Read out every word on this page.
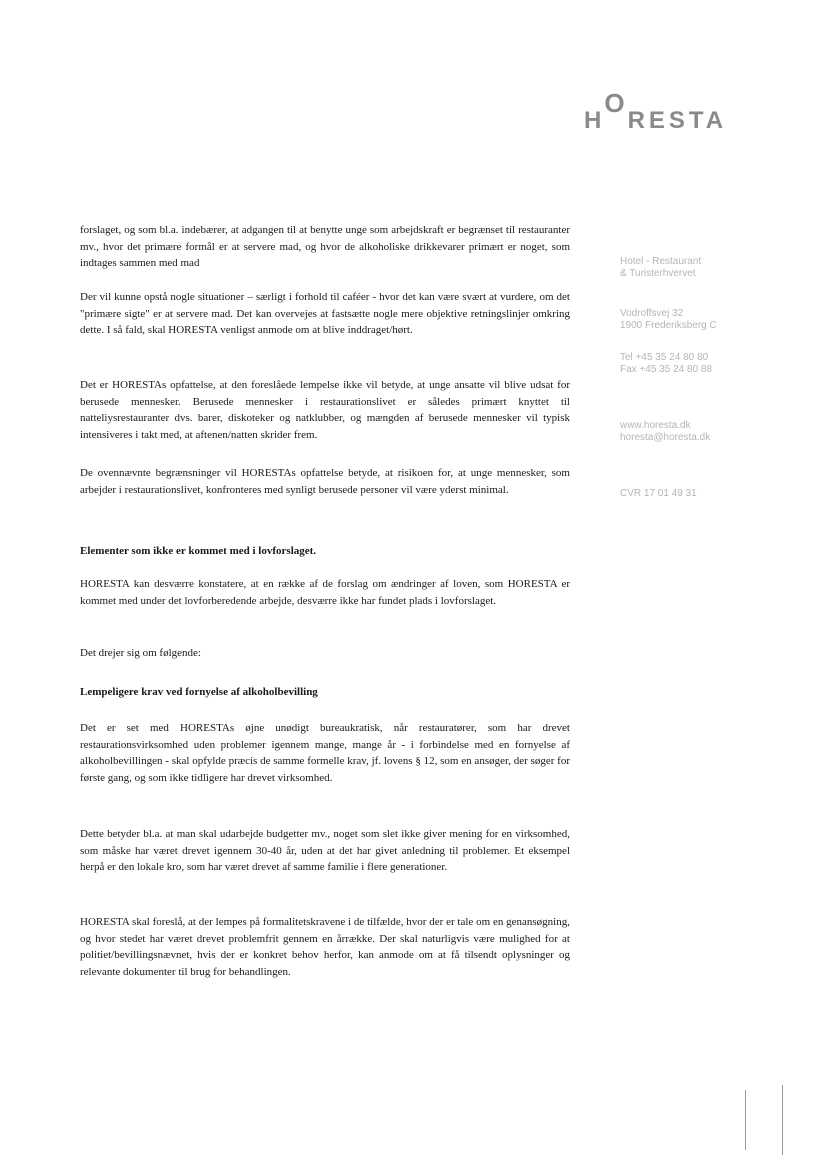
HORESTA
Hotel - Restaurant
& Turisterhvervet
Vodroffsvej 32
1900 Frederiksberg C
Tel +45 35 24 80 80
Fax +45 35 24 80 88
www.horesta.dk
horesta@horesta.dk
CVR 17 01 49 31

forslaget, og som bl.a. indebærer, at adgangen til at benytte unge som arbejdskraft er begrænset til restauranter mv., hvor det primære formål er at servere mad, og hvor de alkoholiske drikkevarer primært er noget, som indtages sammen med mad

Der vil kunne opstå nogle situationer – særligt i forhold til caféer - hvor det kan være svært at vurdere, om det "primære sigte" er at servere mad. Det kan overvejes at fastsætte nogle mere objektive retningslinjer omkring dette. I så fald, skal HORESTA venligst anmode om at blive inddraget/hørt.

Det er HORESTAs opfattelse, at den foreslåede lempelse ikke vil betyde, at unge ansatte vil blive udsat for berusede mennesker. Berusede mennesker i restaurationslivet er således primært knyttet til natteliysrestauranter dvs. barer, diskoteker og natklubber, og mængden af berusede mennesker vil typisk intensiveres i takt med, at aftenen/natten skrider frem.

De ovennævnte begrænsninger vil HORESTAs opfattelse betyde, at risikoen for, at unge mennesker, som arbejder i restaurationslivet, konfronteres med synligt berusede personer vil være yderst minimal.

Elementer som ikke er kommet med i lovforslaget.

HORESTA kan desværre konstatere, at en række af de forslag om ændringer af loven, som HORESTA er kommet med under det lovforberedende arbejde, desværre ikke har fundet plads i lovforslaget.

Det drejer sig om følgende:

Lempeligere krav ved fornyelse af alkoholbevilling

Det er set med HORESTAs øjne unødigt bureaukratisk, når restauratører, som har drevet restaurationsvirksomhed uden problemer igennem mange, mange år - i forbindelse med en fornyelse af alkoholbevillingen - skal opfylde præcis de samme formelle krav, jf. lovens § 12, som en ansøger, der søger for første gang, og som ikke tidligere har drevet virksomhed.

Dette betyder bl.a. at man skal udarbejde budgetter mv., noget som slet ikke giver mening for en virksomhed, som måske har været drevet igennem 30-40 år, uden at det har givet anledning til problemer. Et eksempel herpå er den lokale kro, som har været drevet af samme familie i flere generationer.

HORESTA skal foreslå, at der lempes på formalitetskravene i de tilfælde, hvor der er tale om en genansøgning, og hvor stedet har været drevet problemfrit gennem en årrække. Der skal naturligvis være mulighed for at politiet/bevillingsnævnet, hvis der er konkret behov herfor, kan anmode om at få tilsendt oplysninger og relevante dokumenter til brug for behandlingen.
